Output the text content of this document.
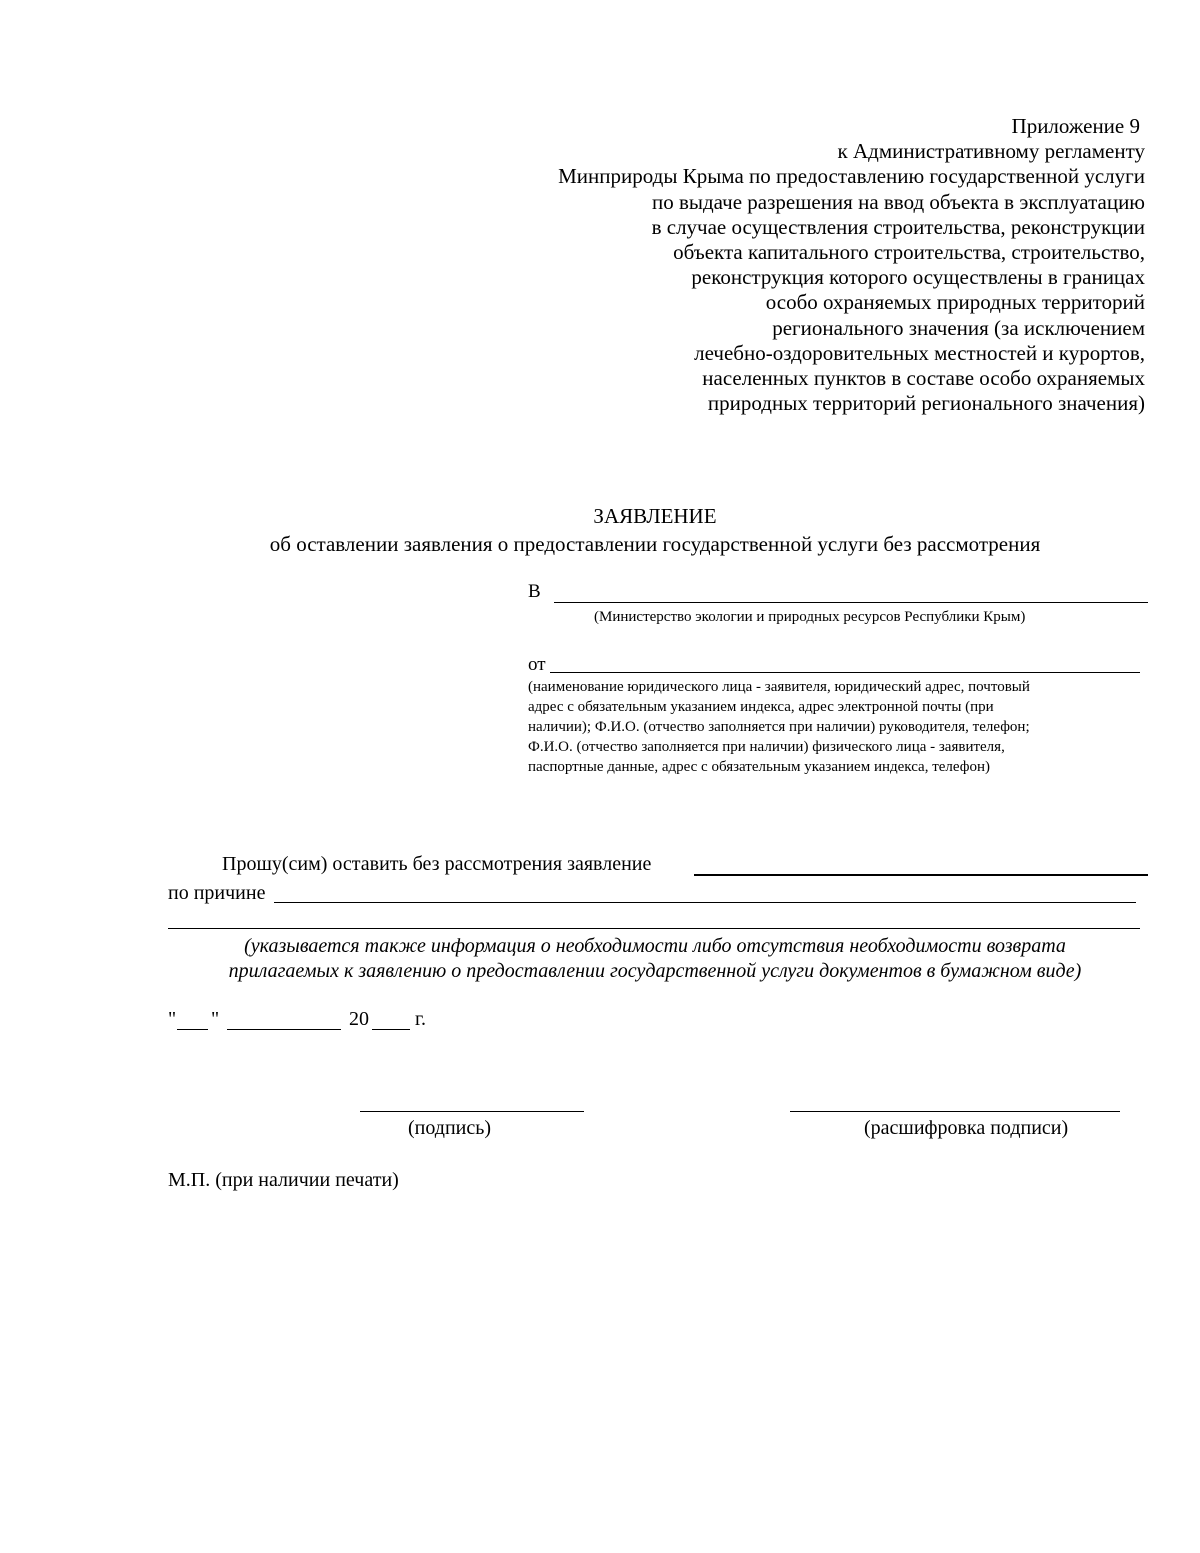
Приложение 9
к Административному регламенту
Минприроды Крыма по предоставлению государственной услуги
по выдаче разрешения на ввод объекта в эксплуатацию
в случае осуществления строительства, реконструкции
объекта капитального строительства, строительство,
реконструкция которого осуществлены в границах
особо охраняемых природных территорий
регионального значения (за исключением
лечебно-оздоровительных местностей и курортов,
населенных пунктов в составе особо охраняемых
природных территорий регионального значения)
ЗАЯВЛЕНИЕ
об оставлении заявления о предоставлении государственной услуги без рассмотрения
В
(Министерство экологии и природных ресурсов Республики Крым)
от
(наименование юридического лица - заявителя, юридический адрес, почтовый
адрес с обязательным указанием индекса, адрес электронной почты (при
наличии); Ф.И.О. (отчество заполняется при наличии) руководителя, телефон;
Ф.И.О. (отчество заполняется при наличии) физического лица - заявителя,
паспортные данные, адрес с обязательным указанием индекса, телефон)
Прошу(сим) оставить без рассмотрения заявление
по причине
(указывается также информация о необходимости либо отсутствия необходимости возврата
прилагаемых к заявлению о предоставлении государственной услуги документов в бумажном виде)
" "	20 г.
(подпись)	(расшифровка подписи)
М.П. (при наличии печати)
